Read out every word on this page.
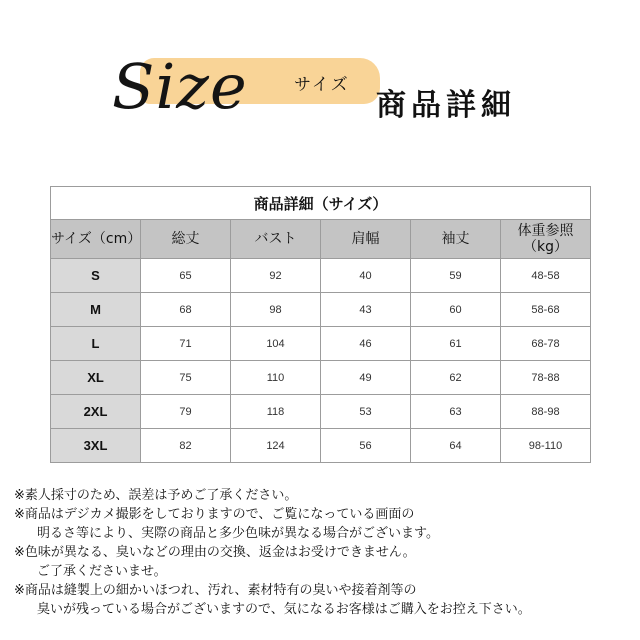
Size	サイズ
商品詳細
商品詳細（サイズ）					
サイズ（cm）	総丈	バスト	肩幅	袖丈	体重参照
（kg）
S	65	92	40	59	48-58
M	68	98	43	60	58-68
L	71	104	46	61	68-78
XL	75	110	49	62	78-88
2XL	79	118	53	63	88-98
3XL	82	124	56	64	98-110
※素人採寸のため、誤差は予めご了承ください。
※商品はデジカメ撮影をしておりますので、ご覧になっている画面の
明るさ等により、実際の商品と多少色味が異なる場合がございます。
※色味が異なる、臭いなどの理由の交換、返金はお受けできません。
ご了承くださいませ。
※商品は縫製上の細かいほつれ、汚れ、素材特有の臭いや接着剤等の
臭いが残っている場合がございますので、気になるお客様はご購入をお控え下さい。
